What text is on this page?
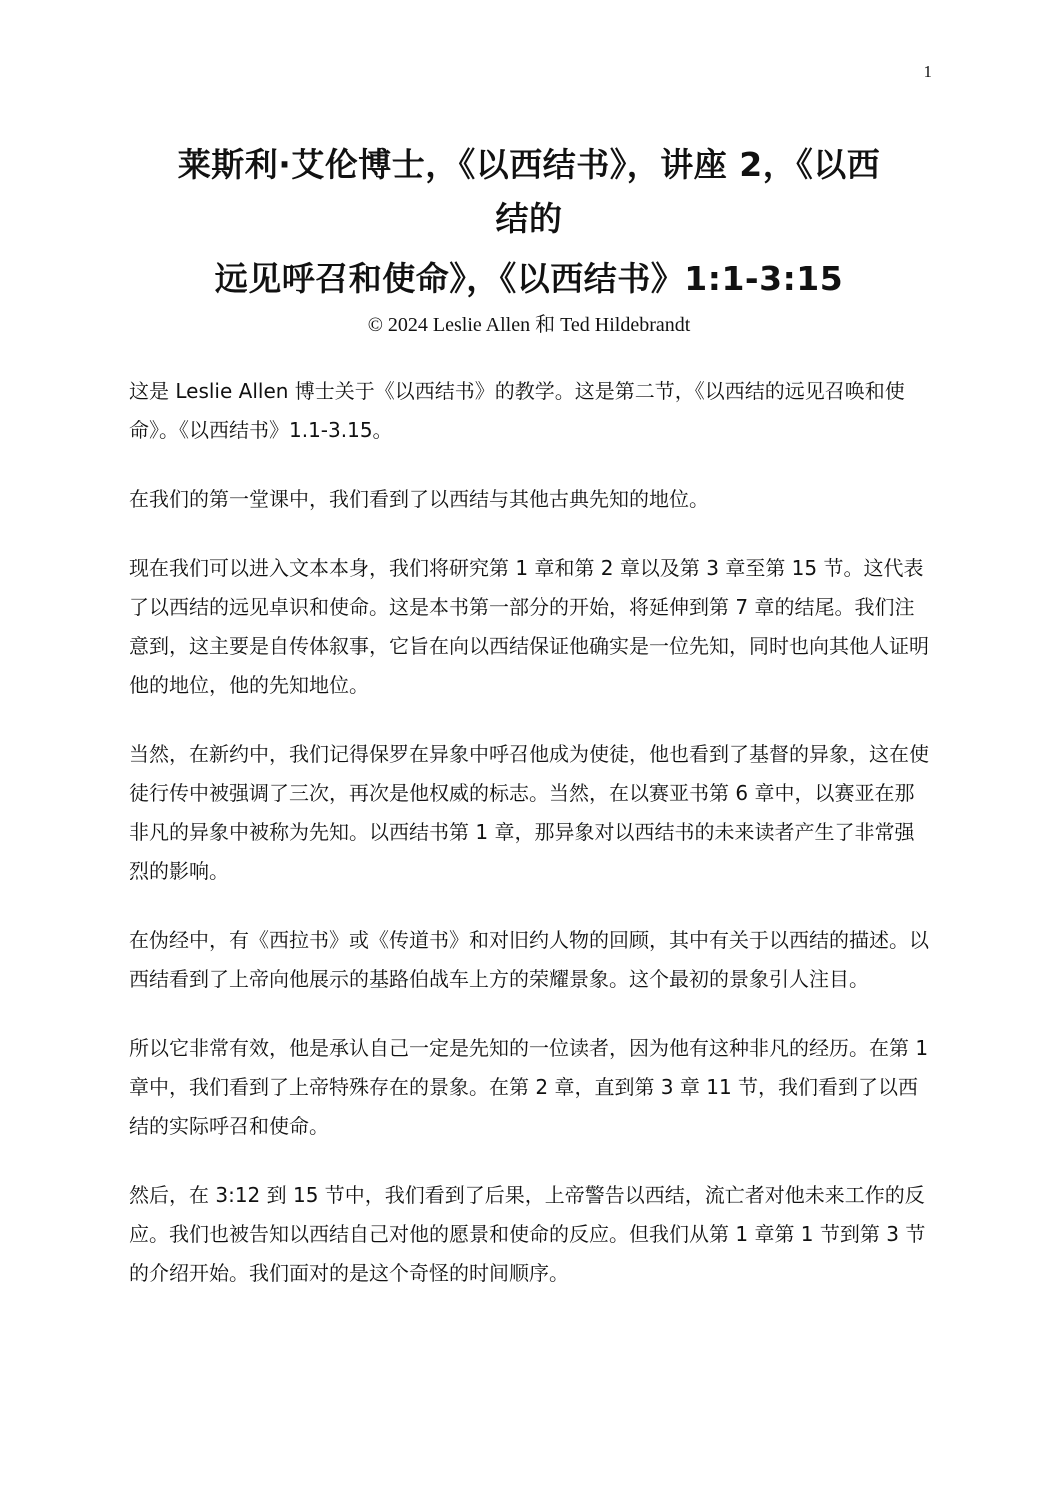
1
莱斯利·艾伦博士，《以西结书》，讲座 2，《以西
结的
远见呼召和使命》，《以西结书》1:1-3:15
© 2024 Leslie Allen 和 Ted Hildebrandt

这是 Leslie Allen 博士关于《以西结书》的教学。这是第二节，《以西结的远见召唤和使命》。《以西结书》1.1-3.15。

在我们的第一堂课中，我们看到了以西结与其他古典先知的地位。

现在我们可以进入文本本身，我们将研究第 1 章和第 2 章以及第 3 章至第 15 节。这代表了以西结的远见卓识和使命。这是本书第一部分的开始，将延伸到第 7 章的结尾。我们注意到，这主要是自传体叙事，它旨在向以西结保证他确实是一位先知，同时也向其他人证明他的地位，他的先知地位。

当然，在新约中，我们记得保罗在异象中呼召他成为使徒，他也看到了基督的异象，这在使徒行传中被强调了三次，再次是他权威的标志。当然，在以赛亚书第 6 章中，以赛亚在那非凡的异象中被称为先知。以西结书第 1 章，那异象对以西结书的未来读者产生了非常强烈的影响。

在伪经中，有《西拉书》或《传道书》和对旧约人物的回顾，其中有关于以西结的描述。以西结看到了上帝向他展示的基路伯战车上方的荣耀景象。这个最初的景象引人注目。

所以它非常有效，他是承认自己一定是先知的一位读者，因为他有这种非凡的经历。在第 1 章中，我们看到了上帝特殊存在的景象。在第 2 章，直到第 3 章 11 节，我们看到了以西结的实际呼召和使命。

然后，在 3:12 到 15 节中，我们看到了后果，上帝警告以西结，流亡者对他未来工作的反应。我们也被告知以西结自己对他的愿景和使命的反应。但我们从第 1 章第 1 节到第 3 节的介绍开始。我们面对的是这个奇怪的时间顺序。
